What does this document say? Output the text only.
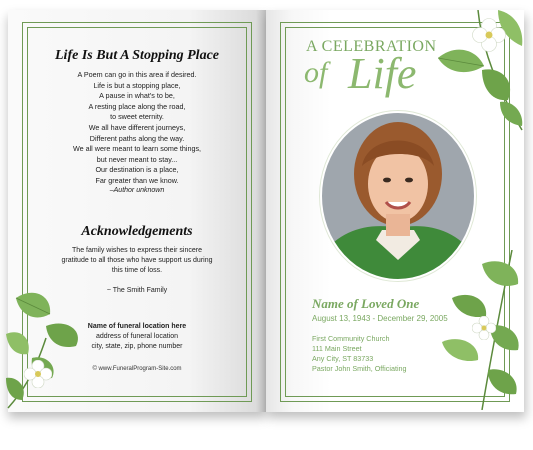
Life Is But A Stopping Place
A Poem can go in this area if desired.
Life is but a stopping place,
A pause in what's to be,
A resting place along the road,
to sweet eternity.
We all have different journeys,
Different paths along the way.
We all were meant to learn some things,
but never meant to stay...
Our destination is a place,
Far greater than we know.
–Author unknown
Acknowledgements
The family wishes to express their sincere
gratitude to all those who have support us during
this time of loss.
~ The Smith Family
Name of funeral location here
address of funeral location
city, state, zip, phone number
© www.FuneralProgram-Site.com
A CELEBRATION
of Life
Name of Loved One
August 13, 1943 - December 29, 2005
First Community Church
111 Main Street
Any City, ST 83733
Pastor John Smith, Officiating
